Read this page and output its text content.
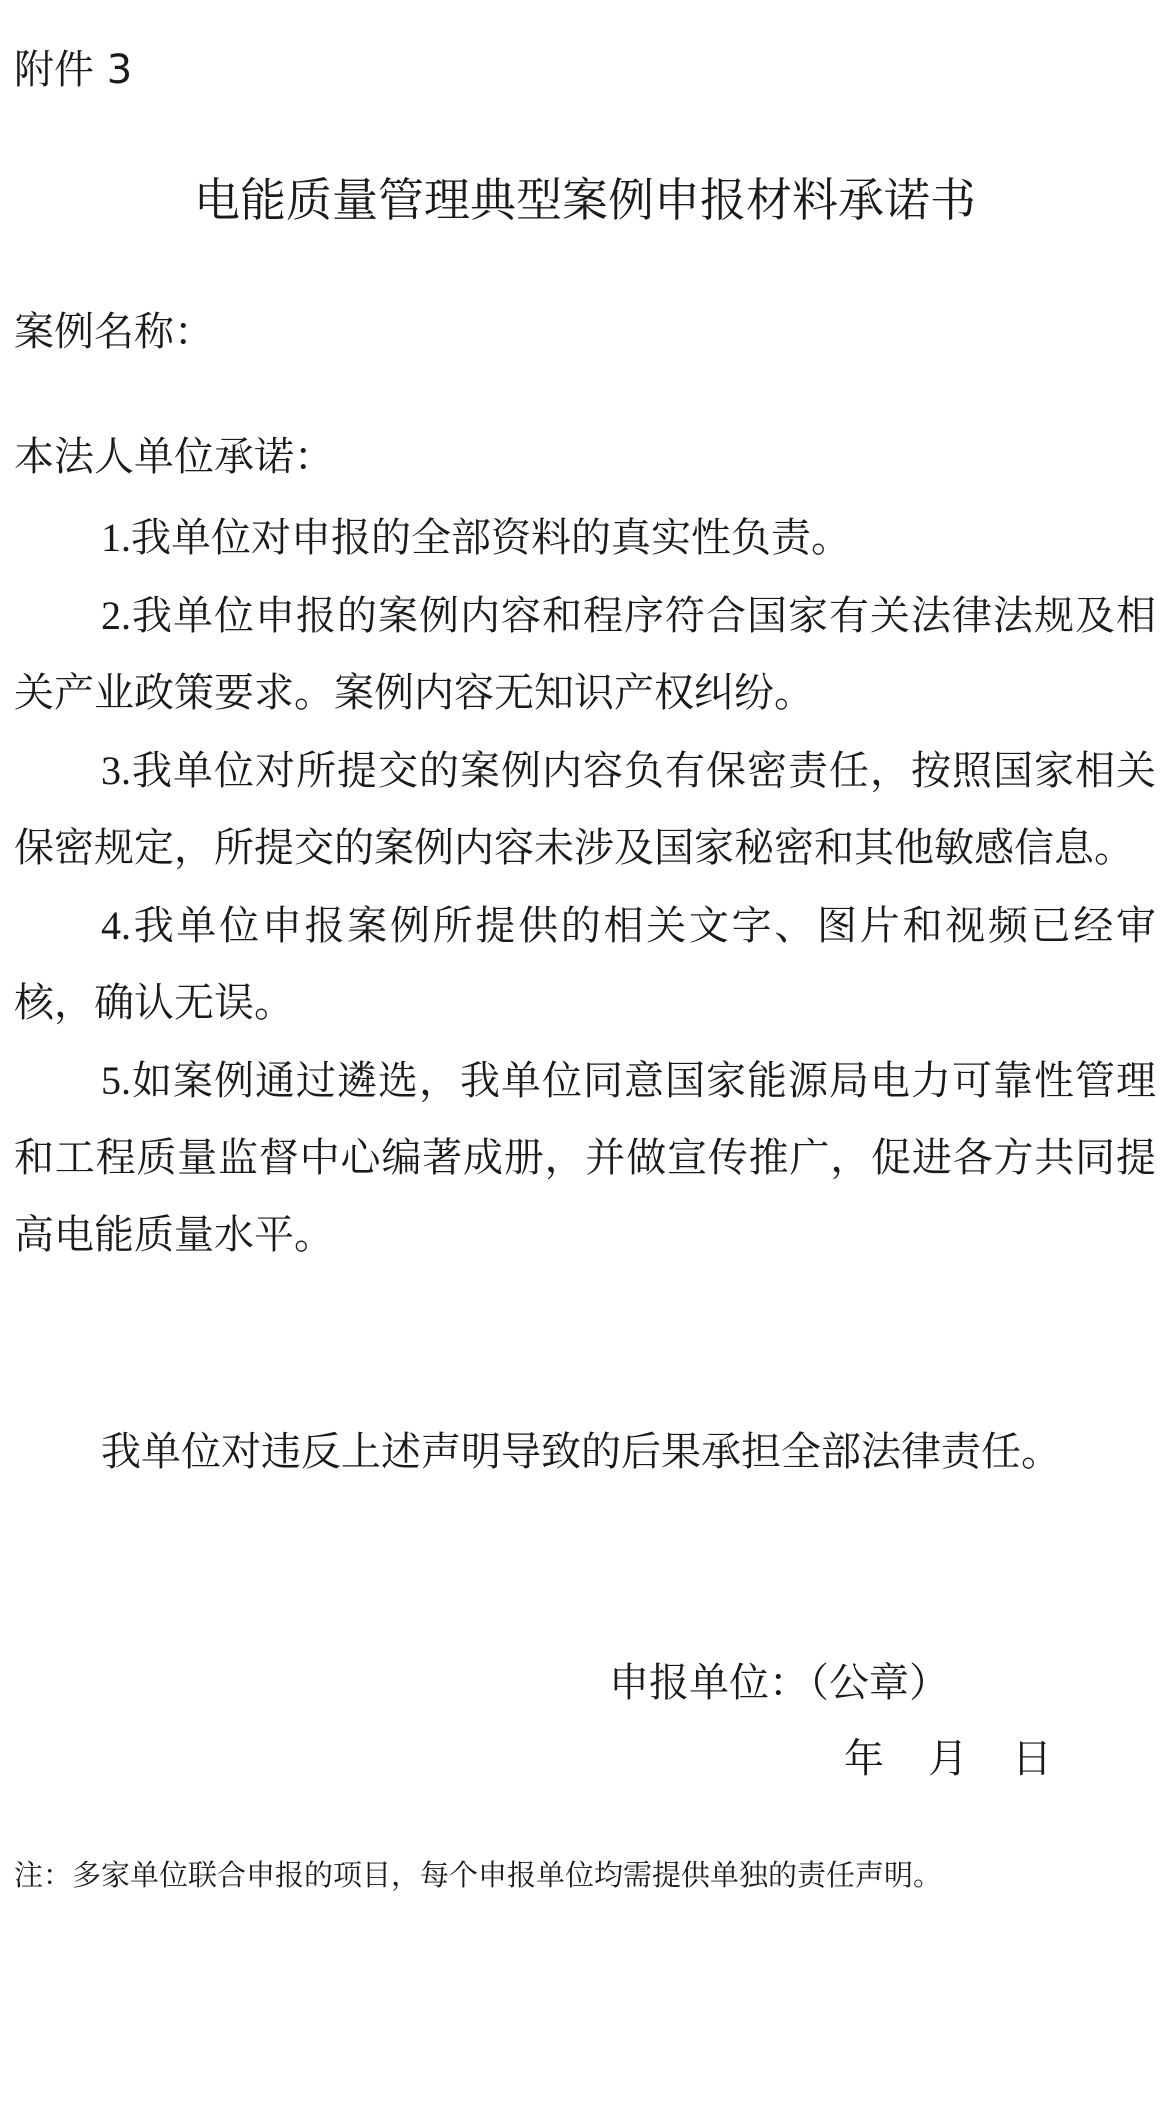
附件 3
电能质量管理典型案例申报材料承诺书
案例名称：
本法人单位承诺：

1.我单位对申报的全部资料的真实性负责。

2.我单位申报的案例内容和程序符合国家有关法律法规及相关产业政策要求。案例内容无知识产权纠纷。

3.我单位对所提交的案例内容负有保密责任，按照国家相关保密规定，所提交的案例内容未涉及国家秘密和其他敏感信息。

4.我单位申报案例所提供的相关文字、图片和视频已经审核，确认无误。

5.如案例通过遴选，我单位同意国家能源局电力可靠性管理和工程质量监督中心编著成册，并做宣传推广，促进各方共同提高电能质量水平。

我单位对违反上述声明导致的后果承担全部法律责任。
申报单位：（公章）
年 月 日
注：多家单位联合申报的项目，每个申报单位均需提供单独的责任声明。
